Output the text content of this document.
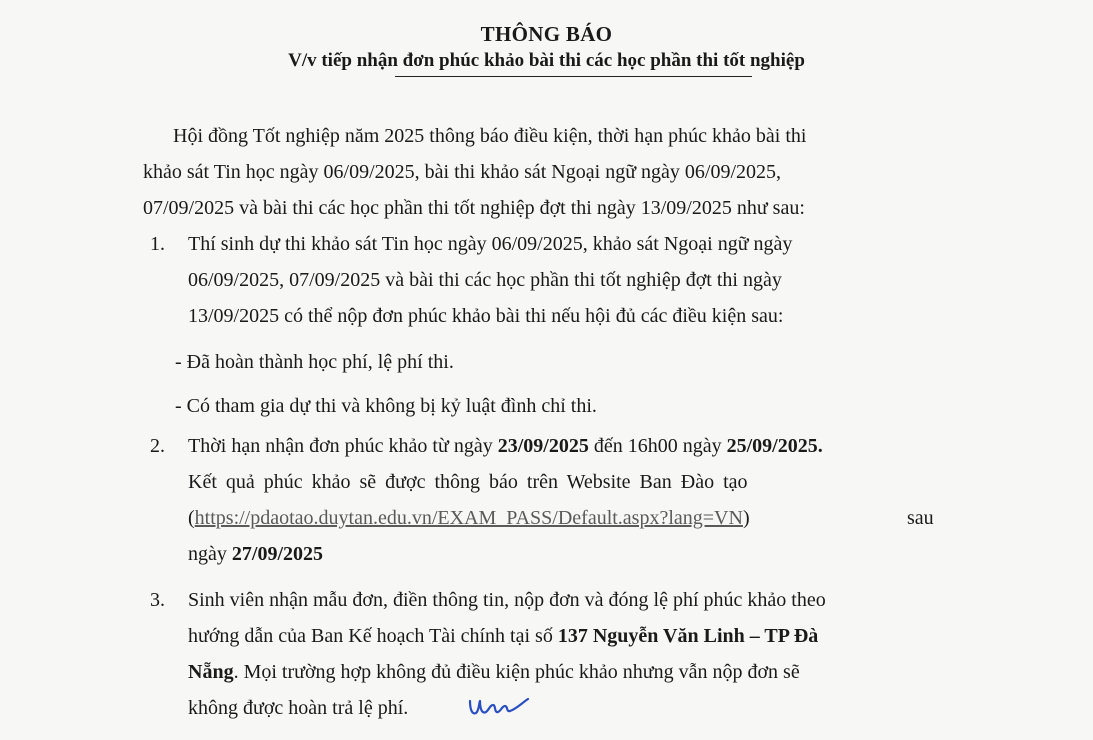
THÔNG BÁO
V/v tiếp nhận đơn phúc khảo bài thi các học phần thi tốt nghiệp
Hội đồng Tốt nghiệp năm 2025 thông báo điều kiện, thời hạn phúc khảo bài thi
khảo sát Tin học ngày 06/09/2025, bài thi khảo sát Ngoại ngữ ngày 06/09/2025,
07/09/2025 và bài thi các học phần thi tốt nghiệp đợt thi ngày 13/09/2025 như sau:
1. Thí sinh dự thi khảo sát Tin học ngày 06/09/2025, khảo sát Ngoại ngữ ngày
06/09/2025, 07/09/2025 và bài thi các học phần thi tốt nghiệp đợt thi ngày
13/09/2025 có thể nộp đơn phúc khảo bài thi nếu hội đủ các điều kiện sau:
- Đã hoàn thành học phí, lệ phí thi.
- Có tham gia dự thi và không bị kỷ luật đình chỉ thi.
2. Thời hạn nhận đơn phúc khảo từ ngày 23/09/2025 đến 16h00 ngày 25/09/2025.
Kết quả phúc khảo sẽ được thông báo trên Website Ban Đào tạo
(https://pdaotao.duytan.edu.vn/EXAM_PASS/Default.aspx?lang=VN)	sau
ngày 27/09/2025
3. Sinh viên nhận mẫu đơn, điền thông tin, nộp đơn và đóng lệ phí phúc khảo theo
hướng dẫn của Ban Kế hoạch Tài chính tại số 137 Nguyễn Văn Linh – TP Đà
Nẵng. Mọi trường hợp không đủ điều kiện phúc khảo nhưng vẫn nộp đơn sẽ
không được hoàn trả lệ phí.
